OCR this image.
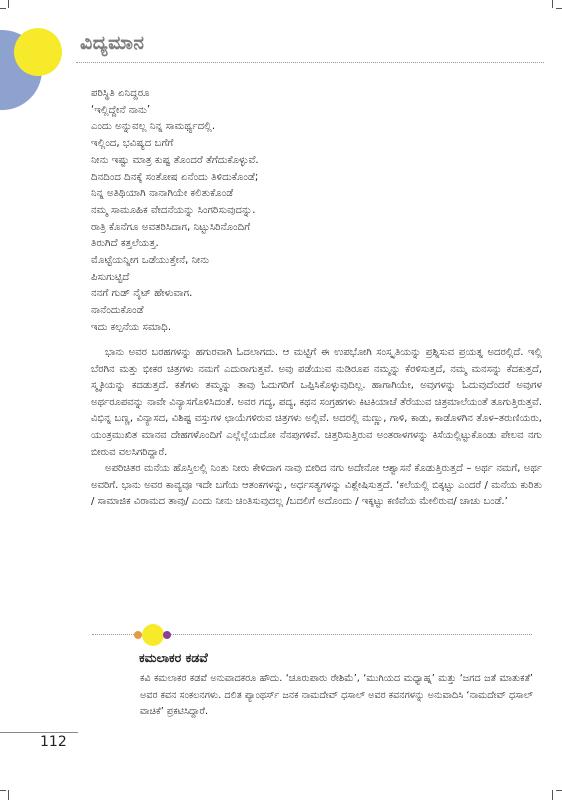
ವಿದ್ಯಮಾನ
ಪರಿಸ್ಥಿತಿ ಏನಿದ್ದರೂ
‘ಇಲ್ಲಿದ್ದೇನೆ ನಾನು’
ಎಂದು ಅನ್ನುವಲ್ಲ ನಿನ್ನ ಸಾಮರ್ಥ್ಯದಲ್ಲಿ.
ಇಲ್ಲಿಂದ, ಭವಿಷ್ಯದ ಬಗೆಗೆ
ನೀನು ಇಷ್ಟು ಮಾತ್ರ ಕುಷ್ಟ ತೊಂದರೆ ತೆಗೆದುಕೊಳ್ಳುವೆ.
ದಿನದಿಂದ ದಿನಕ್ಕೆ ಸಂತೋಷ ಏನೆಂದು ತಿಳಿದುಕೊಂಡೆ;
ನಿನ್ನ ಅತಿಥಿಯಾಗಿ ನಾನಾಗಿಯೇ ಕಲಿತುಕೊಂಡೆ
ನಮ್ಮ ಸಾಮೂಹಿಕ ವೇದನೆಯನ್ನು ಸಿಂಗರಿಸುವುದನ್ನು.
ರಾತ್ರಿ ಕೊನೆಗೂ ಅವತರಿಸಿದಾಗ, ನಿಟ್ಟುಸಿರಿನೊಂದಿಗೆ
ತಿರುಗಿದೆ ಕತ್ತಲೆಯತ್ತ.
ಮೊಟ್ಟೆಯನ್ನೀಗ ಒಡೆಯುತ್ತೇನೆ, ನೀನು
ಪಿಸುಗುಟ್ಟಿದೆ
ನನಗೆ ಗುಡ್ ನೈಟ್ ಹೇಳುವಾಗ.
ನಾನೆಂದುಕೊಂಡೆ
ಇದು ಕಲ್ಪನೆಯ ಸಮಾಧಿ.

ಭಾನು ಅವರ ಬರಹಗಳನ್ನು ಹಗುರವಾಗಿ ಓದಲಾಗದು. ಆ ಮಟ್ಟಿಗೆ ಈ ಉಪಭೋಗಿ ಸಂಸ್ಕೃತಿಯನ್ನು ಪ್ರಶ್ನಿಸುವ ಪ್ರಯತ್ನ ಅದರಲ್ಲಿದೆ. ಇಲ್ಲಿ ಬೆರಗಿನ ಮತ್ತು ಭೀಕರ ಚಿತ್ರಗಳು ನಮಗೆ ಎದುರಾಗುತ್ತವೆ. ಅವು ಪಡೆಯುವ ನುಡಿರೂಪ ನಮ್ಮನ್ನು ಕೆರಳಿಸುತ್ತದೆ, ನಮ್ಮ ಮನಸನ್ನು ಕೆದಕುತ್ತದೆ, ಸ್ಮೃತಿಯನ್ನು ಕದಡುತ್ತದೆ. ಕತೆಗಳು ತಮ್ಮನ್ನು ತಾವು ಓದುಗರಿಗೆ ಒಪ್ಪಿಸಿಕೊಳ್ಳುವುದಿಲ್ಲ. ಹಾಗಾಗಿಯೇ, ಅವುಗಳನ್ನು ಓದುವುದೆಂದರೆ ಅವುಗಳ ಅರ್ಥರೂಪವನ್ನು ನಾವೇ ವಿನ್ಯಾಸಗೊಳಿಸಿದಂತೆ. ಅವರ ಗದ್ಯ, ಪದ್ಯ, ಕಥನ ಸಂಗ್ರಹಗಳು ಕಿಟಕಿಯಾಚೆ ತೆರೆಯುವ ಚಿತ್ರಮಾಲೆಯಂತೆ ತೂಗುತ್ತಿರುತ್ತವೆ. ವಿಭಿನ್ನ ಬಣ್ಣ, ವಿನ್ಯಾಸದ, ವಿಶಿಷ್ಟ ವಸ್ತುಗಳ ಛಾಯೆಗಳಿರುವ ಚಿತ್ರಗಳು ಅಲ್ಲಿವೆ. ಅದರಲ್ಲಿ ಮಣ್ಣು, ಗಾಳಿ, ಕಾಡು, ಕಾಡೊಳಗಿನ ತೊಳ–ತರುಣಿಯರು, ಯಂತ್ರಮುಖಿತ ಮಾನವ ದೇಹಗಳೊಂದಿಗೆ ಎಲ್ಲೆಲ್ಲೆಯದೋ ನೆನಪುಗಳಿವೆ. ಚಿತ್ತರಿಸುತ್ತಿರುವ ಅಂತರಾಳಗಳನ್ನು ಕಿಸೆಯಲ್ಲಿಟ್ಟುಕೊಂಡು ಪೇಲವ ನಗು ಬೀರುವ ವಲಸಿಗರಿದ್ದಾರೆ.

ಅಪರಿಚಿತರ ಮನೆಯ ಹೊಸ್ತಿಲಲ್ಲಿ ನಿಂತು ನೀರು ಕೇಳಿದಾಗ ನಾವು ಬೀರಿದ ನಗು ಅದೇನೋ ಆಶ್ವಾಸನೆ ಕೊಡುತ್ತಿರುತ್ತದೆ – ಅರ್ಥ ನಮಗೆ, ಅರ್ಥ ಅವರಿಗೆ. ಭಾನು ಅವರ ಕಾವ್ಯವೂ ಇದೇ ಬಗೆಯ ಆತಂಕಗಳನ್ನು, ಅರ್ಧಸತ್ಯಗಳನ್ನು ವಿಶ್ಲೇಷಿಸುತ್ತದೆ. ‘ಕಲೆಯಲ್ಲಿ ಬಿಕ್ಕಟ್ಟು ಎಂದರೆ / ಮನೆಯ ಕುರಿತು / ಸಾಮಾಜಿಕ ವಿರಾಮದ ತಾವು/ ಎಂದು ನೀನು ಚಿಂತಿಸುವುದಲ್ಲ /ಬದಲಿಗೆ ಅದೊಂದು / ಇಕ್ಕಟ್ಟು ಕಣಿವೆಯ ಮೇಲಿರುವ/ ಚಾಚು ಬಂಡೆ.’

ಕಮಲಾಕರ ಕಡವೆ
ಕವಿ ಕಮಲಾಕರ ಕಡವೆ ಅನುವಾದಕರೂ ಹೌದು. ‘ಚೂರುಪಾರು ರೇಶಿಮೆ’, ‘ಮುಗಿಯದ ಮಧ್ಯಾಹ್ನ’ ಮತ್ತು ‘ಜಗದ ಜತೆ ಮಾತುಕತೆ’ ಅವರ ಕವನ ಸಂಕಲನಗಳು. ದಲಿತ ಪ್ಯಾಂಥರ್ಸ್ ಜನಕ ನಾಮದೇವ್ ಧಸಾಲ್ ಅವರ ಕವನಗಳನ್ನು ಅನುವಾದಿಸಿ ‘ನಾಮದೇವ್ ಧಸಾಲ್ ವಾಚಿಕೆ’ ಪ್ರಕಟಿಸಿದ್ದಾರೆ.
112
